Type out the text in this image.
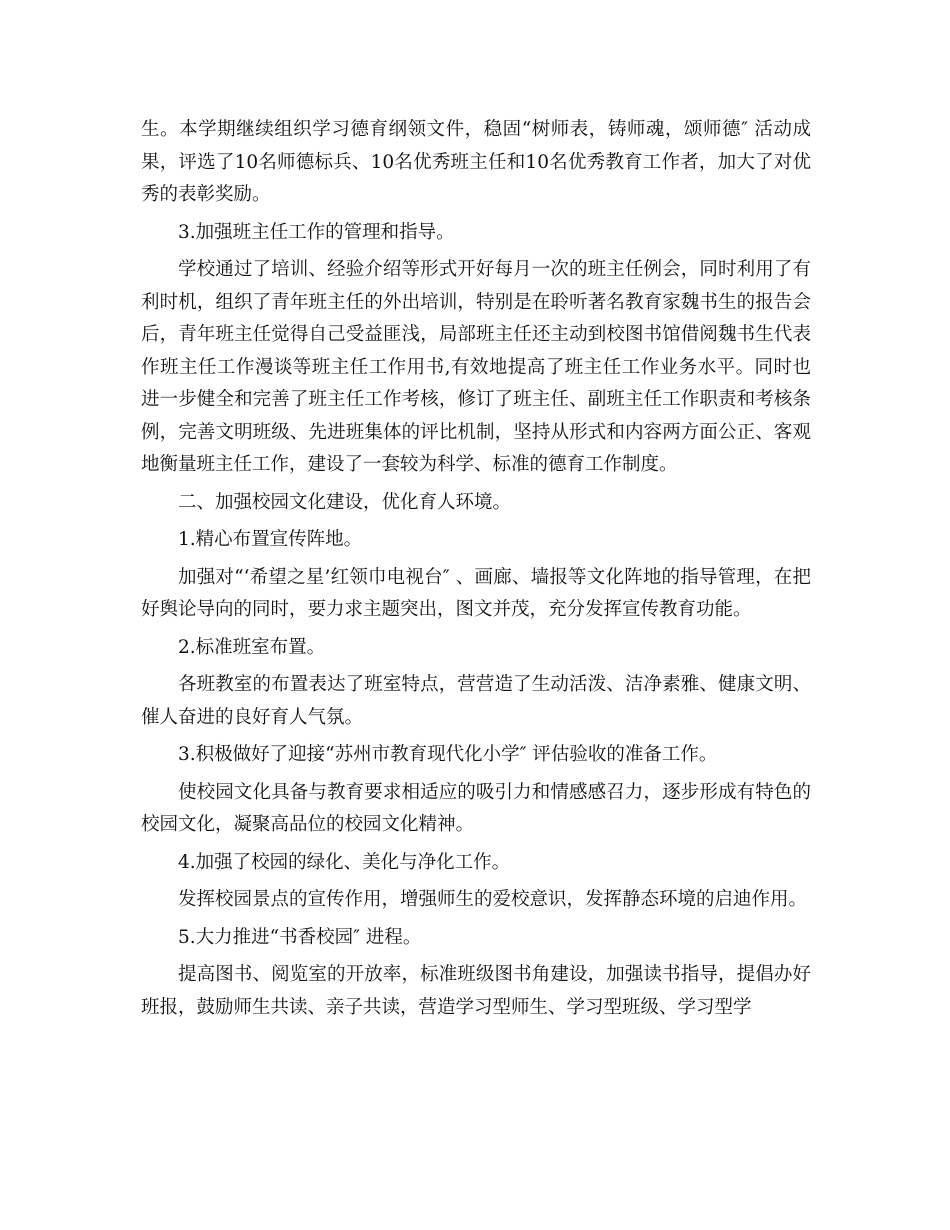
生。本学期继续组织学习德育纲领文件，稳固“树师表，铸师魂，颂师德″ 活动成果，评选了10名师德标兵、10名优秀班主任和10名优秀教育工作者，加大了对优秀的表彰奖励。

3.加强班主任工作的管理和指导。

学校通过了培训、经验介绍等形式开好每月一次的班主任例会，同时利用了有利时机，组织了青年班主任的外出培训，特别是在聆听著名教育家魏书生的报告会后，青年班主任觉得自己受益匪浅，局部班主任还主动到校图书馆借阅魏书生代表作班主任工作漫谈等班主任工作用书,有效地提高了班主任工作业务水平。同时也进一步健全和完善了班主任工作考核，修订了班主任、副班主任工作职责和考核条例，完善文明班级、先进班集体的评比机制，坚持从形式和内容两方面公正、客观地衡量班主任工作，建设了一套较为科学、标准的德育工作制度。

二、加强校园文化建设，优化育人环境。

1.精心布置宣传阵地。

加强对“‘希望之星’红领巾电视台″ 、画廊、墙报等文化阵地的指导管理，在把好舆论导向的同时，要力求主题突出，图文并茂，充分发挥宣传教育功能。

2.标准班室布置。

各班教室的布置表达了班室特点，营营造了生动活泼、洁净素雅、健康文明、催人奋进的良好育人气氛。

3.积极做好了迎接“苏州市教育现代化小学″ 评估验收的准备工作。

使校园文化具备与教育要求相适应的吸引力和情感感召力，逐步形成有特色的校园文化，凝聚高品位的校园文化精神。

4.加强了校园的绿化、美化与净化工作。

发挥校园景点的宣传作用，增强师生的爱校意识，发挥静态环境的启迪作用。

5.大力推进“书香校园″ 进程。

提高图书、阅览室的开放率，标准班级图书角建设，加强读书指导，提倡办好班报，鼓励师生共读、亲子共读，营造学习型师生、学习型班级、学习型学
